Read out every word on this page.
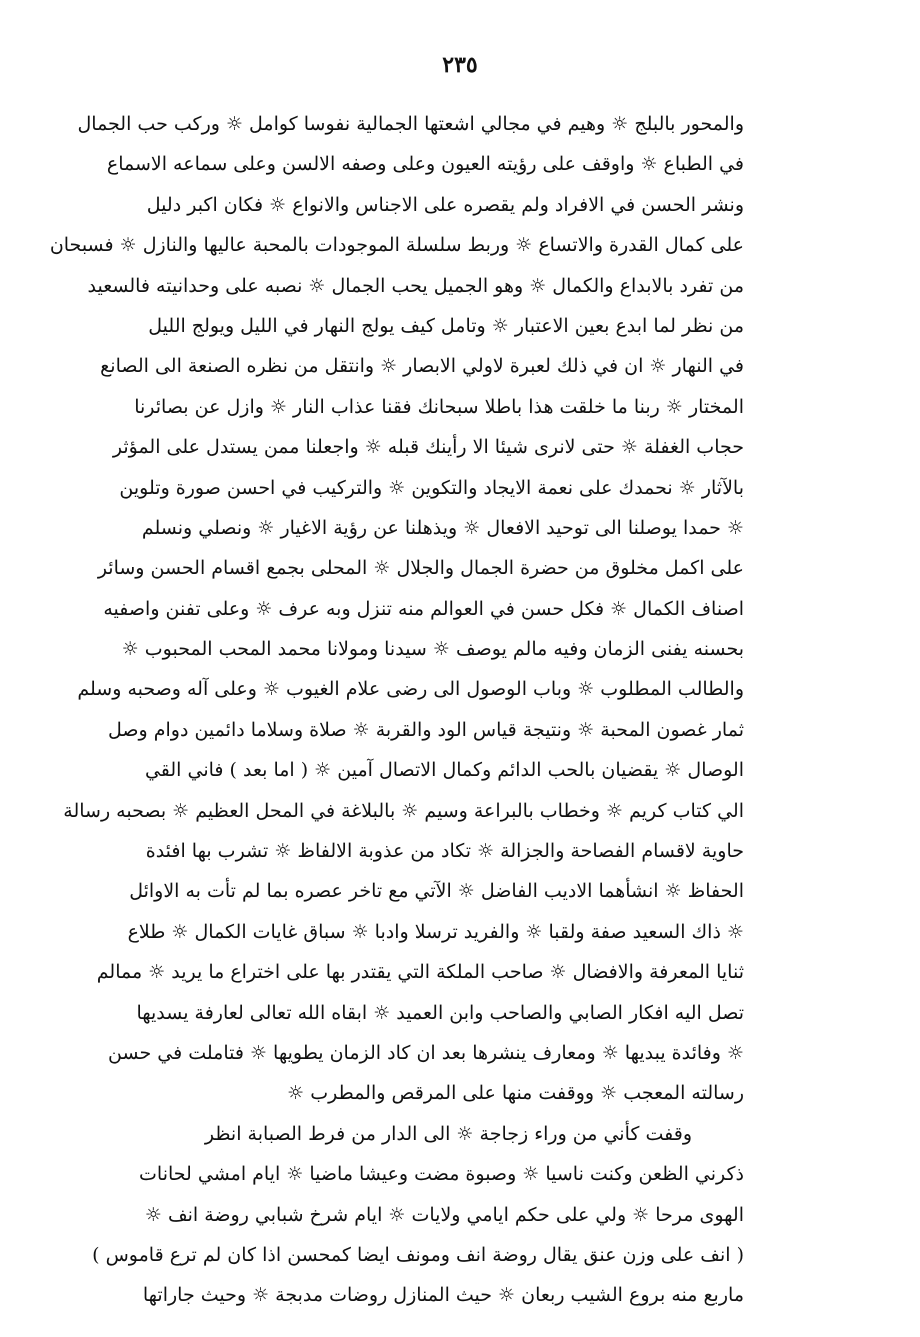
٢٣٥
والمحور بالبلج ☼ وهيم في مجالي اشعتها الجمالية نفوسا كوامل ☼ وركب حب الجمال
في الطباع ☼ واوقف على رؤيته العيون وعلى وصفه الالسن وعلى سماعه الاسماع
ونشر الحسن في الافراد ولم يقصره على الاجناس والانواع ☼ فكان اكبر دليل
على كمال القدرة والاتساع ☼ وربط سلسلة الموجودات بالمحبة عاليها والنازل ☼ فسبحان
من تفرد بالابداع والكمال ☼ وهو الجميل يحب الجمال ☼ نصبه على وحدانيته فالسعيد
من نظر لما ابدع بعين الاعتبار ☼ وتامل كيف يولج النهار في الليل ويولج الليل
في النهار ☼ ان في ذلك لعبرة لاولي الابصار ☼ وانتقل من نظره الصنعة الى الصانع
المختار ☼ ربنا ما خلقت هذا باطلا سبحانك فقنا عذاب النار ☼ وازل عن بصائرنا
حجاب الغفلة ☼ حتى لانرى شيئا الا رأينك قبله ☼ واجعلنا ممن يستدل على المؤثر
بالآثار ☼ نحمدك على نعمة الايجاد والتكوين ☼ والتركيب في احسن صورة وتلوين
☼ حمدا يوصلنا الى توحيد الافعال ☼ ويذهلنا عن رؤية الاغيار ☼ ونصلي ونسلم
على اكمل مخلوق من حضرة الجمال والجلال ☼ المحلى بجمع اقسام الحسن وسائر
اصناف الكمال ☼ فكل حسن في العوالم منه تنزل وبه عرف ☼ وعلى تفنن واصفيه
بحسنه يفنى الزمان وفيه مالم يوصف ☼ سيدنا ومولانا محمد المحب المحبوب ☼
والطالب المطلوب ☼ وباب الوصول الى رضى علام الغيوب ☼ وعلى آله وصحبه وسلم
ثمار غصون المحبة ☼ ونتيجة قياس الود والقربة ☼ صلاة وسلاما دائمين دوام وصل
الوصال ☼ يقضيان بالحب الدائم وكمال الاتصال آمين ☼ ( اما بعد ) فاني القي
الي كتاب كريم ☼ وخطاب بالبراعة وسيم ☼ بالبلاغة في المحل العظيم ☼ بصحبه رسالة
حاوية لاقسام الفصاحة والجزالة ☼ تكاد من عذوبة الالفاظ ☼ تشرب بها افئدة
الحفاظ ☼ انشأهما الاديب الفاضل ☼ الآتي مع تاخر عصره بما لم تأت به الاوائل
☼ ذاك السعيد صفة ولقبا ☼ والفريد ترسلا وادبا ☼ سباق غايات الكمال ☼ طلاع
ثنايا المعرفة والافضال ☼ صاحب الملكة التي يقتدر بها على اختراع ما يريد ☼ ممالم
تصل اليه افكار الصابي والصاحب وابن العميد ☼ ابقاه الله تعالى لعارفة يسديها
☼ وفائدة يبديها ☼ ومعارف ينشرها بعد ان كاد الزمان يطويها ☼ فتاملت في حسن
رسالته المعجب ☼ ووقفت منها على المرقص والمطرب ☼
وقفت كأني من وراء زجاجة ☼ الى الدار من فرط الصبابة انظر
ذكرني الظعن وكنت ناسيا ☼ وصبوة مضت وعيشا ماضيا ☼ ايام امشي لحانات
الهوى مرحا ☼ ولي على حكم ايامي ولايات ☼ ايام شرخ شبابي روضة انف ☼
( انف على وزن عنق يقال روضة انف ومونف ايضا كمحسن اذا كان لم ترع قاموس )
ماربع منه بروع الشيب ربعان ☼ حيث المنازل روضات مدبجة ☼ وحيث جاراتها
